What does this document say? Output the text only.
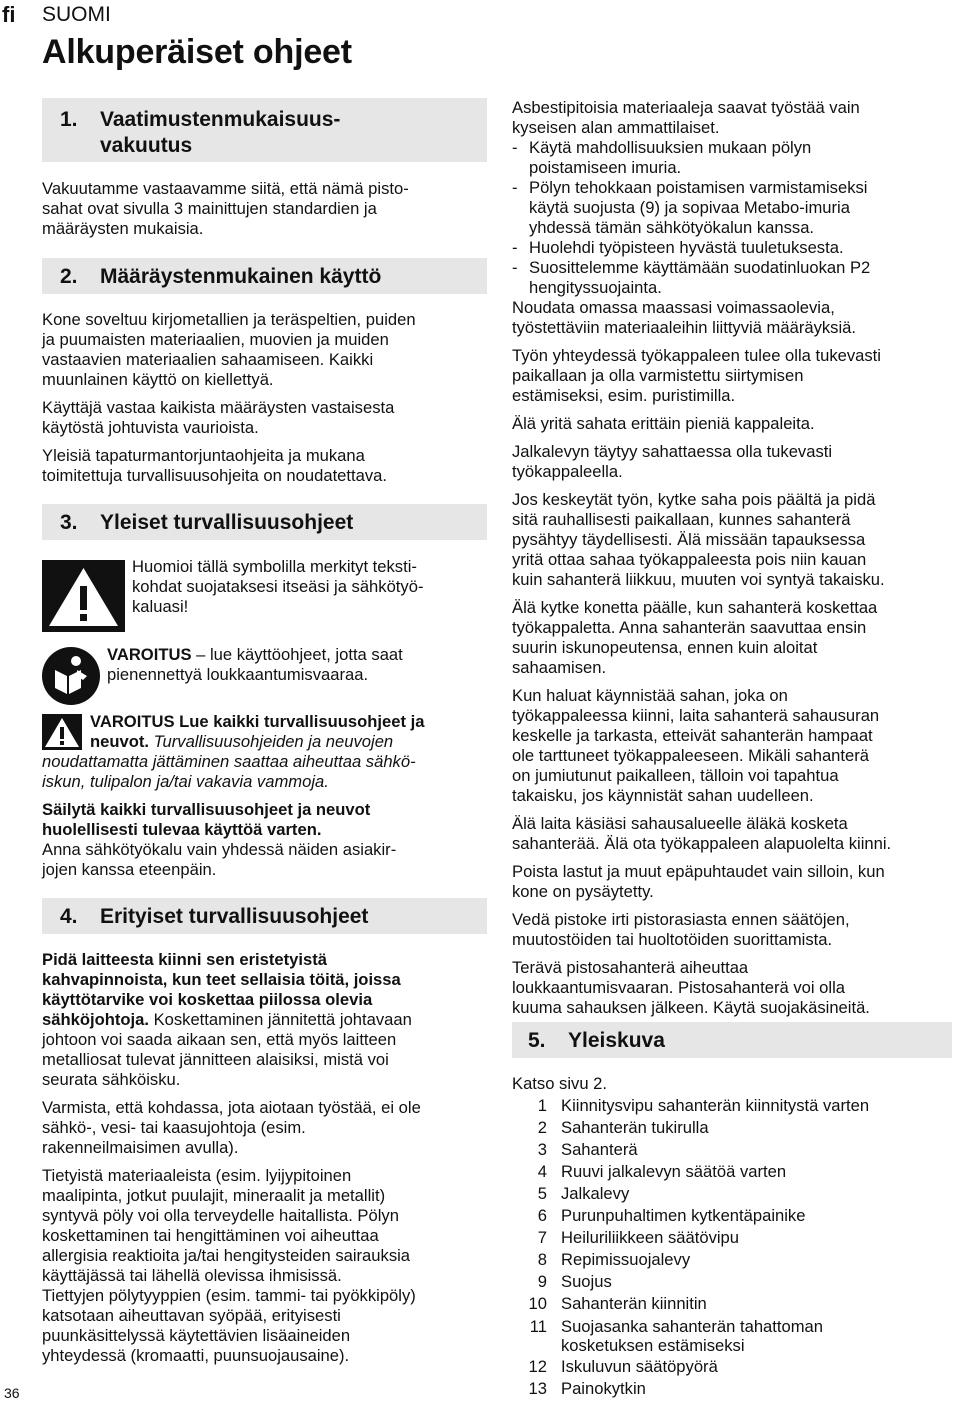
fi SUOMI
Alkuperäiset ohjeet
36
1. Vaatimustenmukaisuus-
vakuutus

Vakuutamme vastaavamme siitä, että nämä pisto-

sahat ovat sivulla 3 mainittujen standardien ja

määräysten mukaisia.

2. Määräystenmukainen käyttö

Kone soveltuu kirjometallien ja teräspeltien, puiden

ja puumaisten materiaalien, muovien ja muiden

vastaavien materiaalien sahaamiseen. Kaikki

muunlainen käyttö on kiellettyä.

Käyttäjä vastaa kaikista määräysten vastaisesta

käytöstä johtuvista vaurioista.

Yleisiä tapaturmantorjuntaohjeita ja mukana

toimitettuja turvallisuusohjeita on noudatettava.

3. Yleiset turvallisuusohjeet

Huomioi tällä symbolilla merkityt teksti-

kohdat suojataksesi itseäsi ja sähkötyö-

kaluasi!

VAROITUS – lue käyttöohjeet, jotta saat

pienennettyä loukkaantumisvaaraa.

VAROITUS Lue kaikki turvallisuusohjeet ja

neuvot. Turvallisuusohjeiden ja neuvojen

noudattamatta jättäminen saattaa aiheuttaa sähkö-

iskun, tulipalon ja/tai vakavia vammoja.

Säilytä kaikki turvallisuusohjeet ja neuvot

huolellisesti tulevaa käyttöä varten.

Anna sähkötyökalu vain yhdessä näiden asiakir-

jojen kanssa eteenpäin.

4. Erityiset turvallisuusohjeet

Pidä laitteesta kiinni sen eristetyistä

kahvapinnoista, kun teet sellaisia töitä, joissa

käyttötarvike voi koskettaa piilossa olevia

sähköjohtoja. Koskettaminen jännitettä johtavaan

johtoon voi saada aikaan sen, että myös laitteen

metalliosat tulevat jännitteen alaisiksi, mistä voi

seurata sähköisku.

Varmista, että kohdassa, jota aiotaan työstää, ei ole

sähkö-, vesi- tai kaasujohtoja (esim.

rakenneilmaisimen avulla).

Tietyistä materiaaleista (esim. lyijypitoinen

maalipinta, jotkut puulajit, mineraalit ja metallit)

syntyvä pöly voi olla terveydelle haitallista. Pölyn

koskettaminen tai hengittäminen voi aiheuttaa

allergisia reaktioita ja/tai hengitysteiden sairauksia

käyttäjässä tai lähellä olevissa ihmisissä.

Tiettyjen pölytyyppien (esim. tammi- tai pyökkipöly)

katsotaan aiheuttavan syöpää, erityisesti

puunkäsittelyssä käytettävien lisäaineiden

yhteydessä (kromaatti, puunsuojausaine).

Asbestipitoisia materiaaleja saavat työstää vain

kyseisen alan ammattilaiset.

- Käytä mahdollisuuksien mukaan pölyn

poistamiseen imuria.

- Pölyn tehokkaan poistamisen varmistamiseksi

käytä suojusta (9) ja sopivaa Metabo-imuria

yhdessä tämän sähkötyökalun kanssa.

- Huolehdi työpisteen hyvästä tuuletuksesta.

- Suosittelemme käyttämään suodatinluokan P2

hengityssuojainta.

Noudata omassa maassasi voimassaolevia,

työstettäviin materiaaleihin liittyviä määräyksiä.

Työn yhteydessä työkappaleen tulee olla tukevasti

paikallaan ja olla varmistettu siirtymisen

estämiseksi, esim. puristimilla.

Älä yritä sahata erittäin pieniä kappaleita.

Jalkalevyn täytyy sahattaessa olla tukevasti

työkappaleella.

Jos keskeytät työn, kytke saha pois päältä ja pidä

sitä rauhallisesti paikallaan, kunnes sahanterä

pysähtyy täydellisesti. Älä missään tapauksessa

yritä ottaa sahaa työkappaleesta pois niin kauan

kuin sahanterä liikkuu, muuten voi syntyä takaisku.

Älä kytke konetta päälle, kun sahanterä koskettaa

työkappaletta. Anna sahanterän saavuttaa ensin

suurin iskunopeutensa, ennen kuin aloitat

sahaamisen.

Kun haluat käynnistää sahan, joka on

työkappaleessa kiinni, laita sahanterä sahausuran

keskelle ja tarkasta, etteivät sahanterän hampaat

ole tarttuneet työkappaleeseen. Mikäli sahanterä

on jumiutunut paikalleen, tälloin voi tapahtua

takaisku, jos käynnistät sahan uudelleen.

Älä laita käsiäsi sahausalueelle äläkä kosketa

sahanterää. Älä ota työkappaleen alapuolelta kiinni.

Poista lastut ja muut epäpuhtaudet vain silloin, kun

kone on pysäytetty.

Vedä pistoke irti pistorasiasta ennen säätöjen,

muutostöiden tai huoltotöiden suorittamista.

Terävä pistosahanterä aiheuttaa

loukkaantumisvaaran. Pistosahanterä voi olla

kuuma sahauksen jälkeen. Käytä suojakäsineitä.

5. Yleiskuva
Katso sivu 2.
1 Kiinnitysvipu sahanterän kiinnitystä varten
2 Sahanterän tukirulla
3 Sahanterä
4 Ruuvi jalkalevyn säätöä varten
5 Jalkalevy
6 Purunpuhaltimen kytkentäpainike
7 Heiluriliikkeen säätövipu
8 Repimissuojalevy
9 Suojus
10 Sahanterän kiinnitin
11 Suojasanka sahanterän tahattoman

kosketuksen estämiseksi

12 Iskuluvun säätöpyörä
13 Painokytkin
